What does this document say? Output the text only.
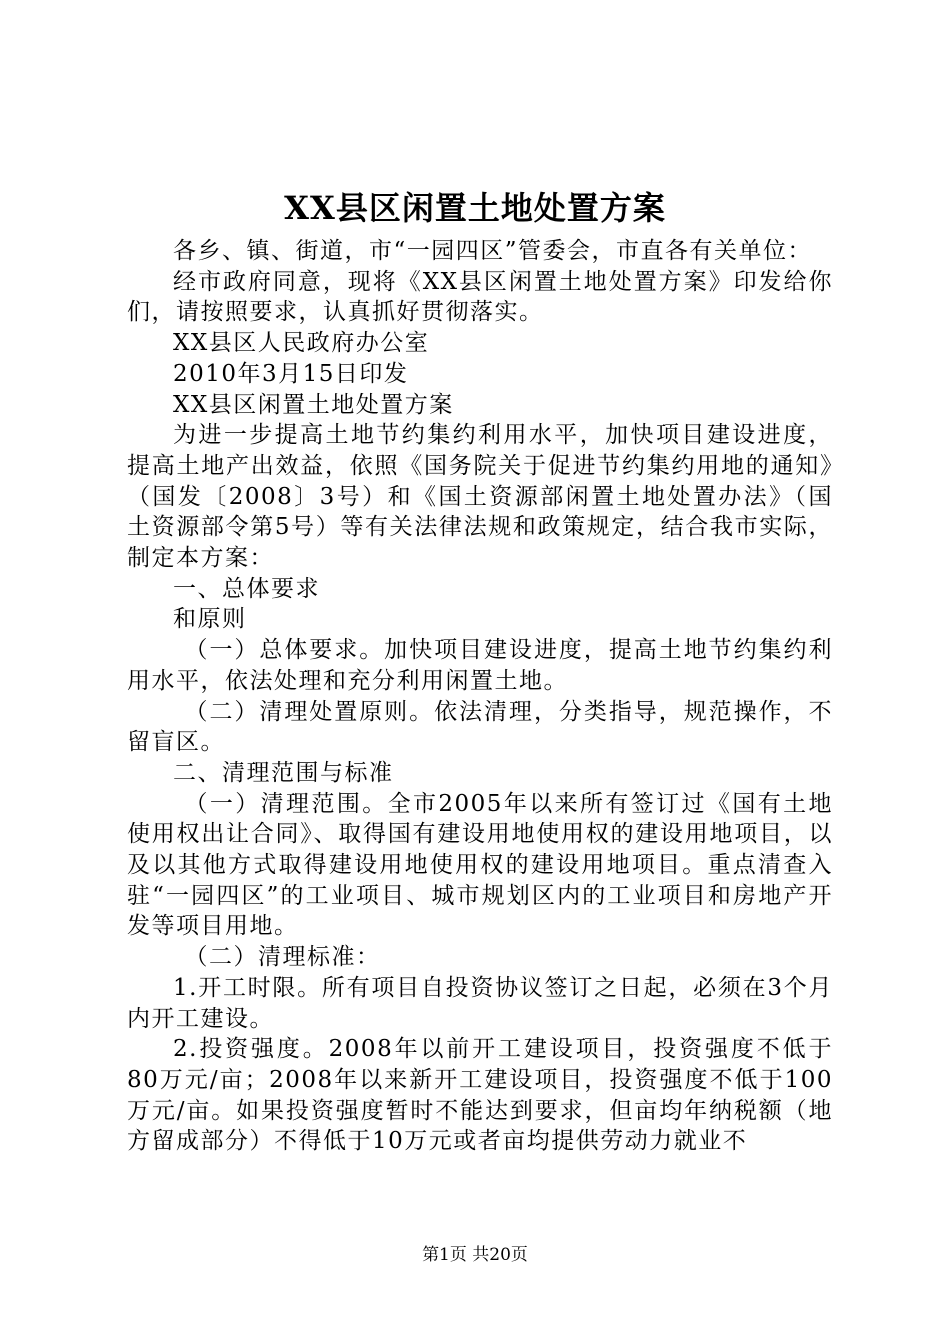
XX县区闲置土地处置方案

各乡、镇、街道，市“一园四区”管委会，市直各有关单位：

经市政府同意，现将《XX县区闲置土地处置方案》印发给你们，请按照要求，认真抓好贯彻落实。

XX县区人民政府办公室

2010年3月15日印发

XX县区闲置土地处置方案

为进一步提高土地节约集约利用水平，加快项目建设进度，提高土地产出效益，依照《国务院关于促进节约集约用地的通知》（国发〔2008〕3号）和《国土资源部闲置土地处置办法》（国土资源部令第5号）等有关法律法规和政策规定，结合我市实际，制定本方案：

一、总体要求

和原则

（一）总体要求。加快项目建设进度，提高土地节约集约利用水平，依法处理和充分利用闲置土地。

（二）清理处置原则。依法清理，分类指导，规范操作，不留盲区。

二、清理范围与标准

（一）清理范围。全市2005年以来所有签订过《国有土地使用权出让合同》、取得国有建设用地使用权的建设用地项目，以及以其他方式取得建设用地使用权的建设用地项目。重点清查入驻“一园四区”的工业项目、城市规划区内的工业项目和房地产开发等项目用地。

（二）清理标准：

1.开工时限。所有项目自投资协议签订之日起，必须在3个月内开工建设。

2.投资强度。2008年以前开工建设项目，投资强度不低于80万元/亩；2008年以来新开工建设项目，投资强度不低于100万元/亩。如果投资强度暂时不能达到要求，但亩均年纳税额（地方留成部分）不得低于10万元或者亩均提供劳动力就业不

第1页 共20页
